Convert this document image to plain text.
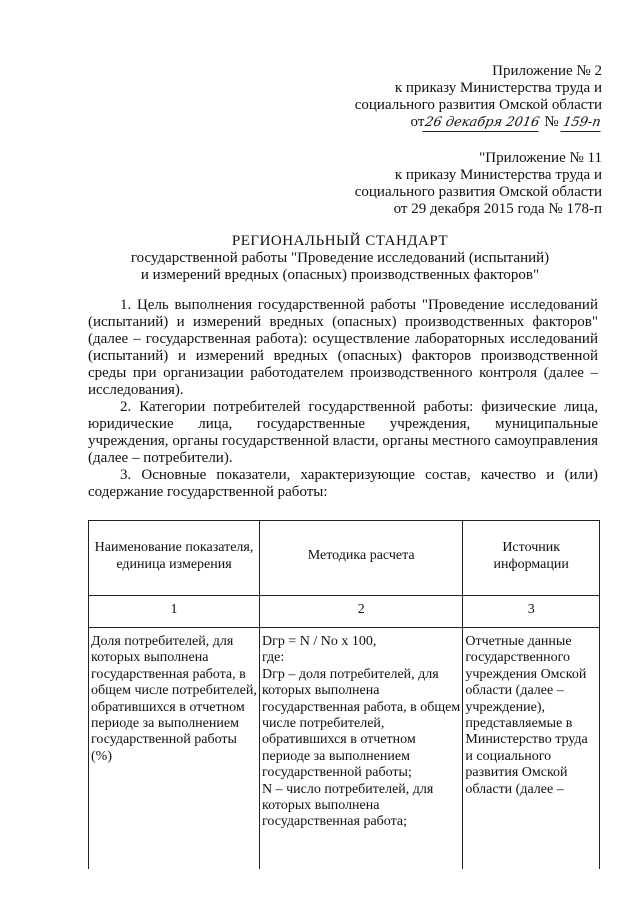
Приложение № 2
к приказу Министерства труда и
социального развития Омской области
от26 декабря 2016 № 159-п
"Приложение № 11
к приказу Министерства труда и
социального развития Омской области
от 29 декабря 2015 года № 178-п
РЕГИОНАЛЬНЫЙ СТАНДАРТ
государственной работы "Проведение исследований (испытаний)
и измерений вредных (опасных) производственных факторов"

1. Цель выполнения государственной работы "Проведение исследований (испытаний) и измерений вредных (опасных) производственных факторов" (далее – государственная работа): осуществление лабораторных исследований (испытаний) и измерений вредных (опасных) факторов производственной среды при организации работодателем производственного контроля (далее – исследования).

2. Категории потребителей государственной работы: физические лица, юридические лица, государственные учреждения, муниципальные учреждения, органы государственной власти, органы местного самоуправления (далее – потребители).

3. Основные показатели, характеризующие состав, качество и (или) содержание государственной работы:

Наименование показателя, единица измерения	Методика расчета	Источник информации
1	2	3
Доля потребителей, для которых выполнена государственная работа, в общем числе потребителей, обратившихся в отчетном периоде за выполнением государственной работы (%)	Dгр = N / No x 100,
где:
Dгр – доля потребителей, для которых выполнена государственная работа, в общем числе потребителей, обратившихся в отчетном периоде за выполнением государственной работы;
N – число потребителей, для которых выполнена государственная работа;	Отчетные данные государственного учреждения Омской области (далее – учреждение), представляемые в Министерство труда и социального развития Омской области (далее –
